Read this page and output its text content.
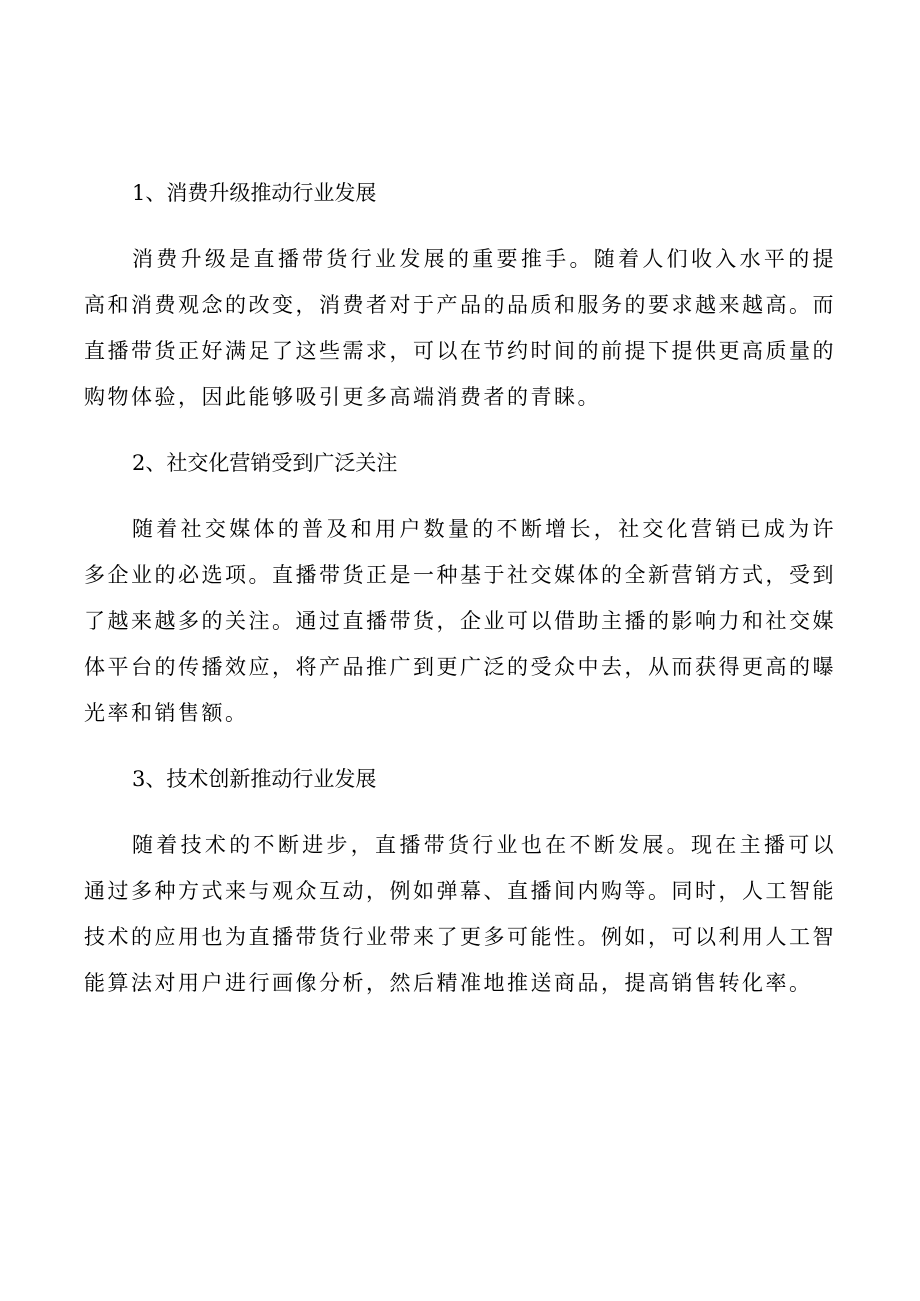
1、消费升级推动行业发展

消费升级是直播带货行业发展的重要推手。随着人们收入水平的提高和消费观念的改变，消费者对于产品的品质和服务的要求越来越高。而直播带货正好满足了这些需求，可以在节约时间的前提下提供更高质量的购物体验，因此能够吸引更多高端消费者的青睐。

2、社交化营销受到广泛关注

随着社交媒体的普及和用户数量的不断增长，社交化营销已成为许多企业的必选项。直播带货正是一种基于社交媒体的全新营销方式，受到了越来越多的关注。通过直播带货，企业可以借助主播的影响力和社交媒体平台的传播效应，将产品推广到更广泛的受众中去，从而获得更高的曝光率和销售额。

3、技术创新推动行业发展

随着技术的不断进步，直播带货行业也在不断发展。现在主播可以通过多种方式来与观众互动，例如弹幕、直播间内购等。同时，人工智能技术的应用也为直播带货行业带来了更多可能性。例如，可以利用人工智能算法对用户进行画像分析，然后精准地推送商品，提高销售转化率。
